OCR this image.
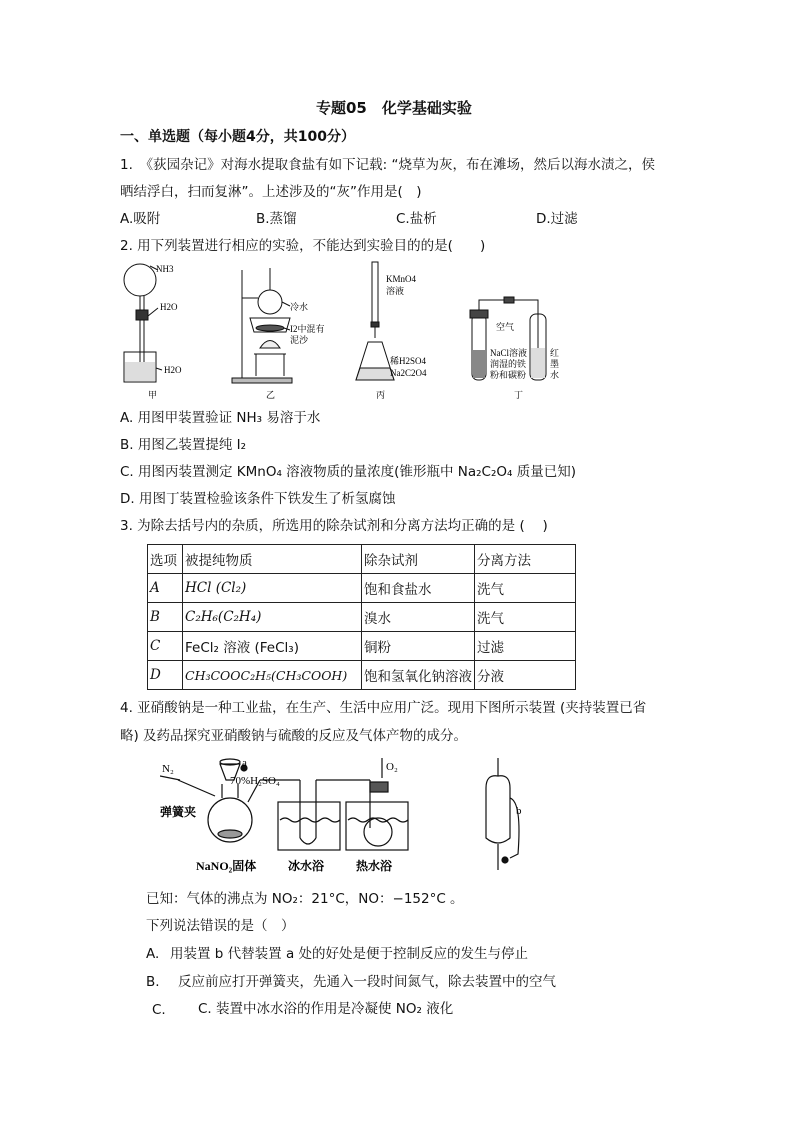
专题05　化学基础实验
一、单选题（每小题4分，共100分）
1.　《荻园杂记》对海水提取食盐有如下记载: “烧草为灰，布在滩场，然后以海水渍之，侯
晒结浮白，扫而复淋”。上述涉及的“灰”作用是(　)
A.吸附	B.蒸馏	C.盐析	D.过滤
2. 用下列装置进行相应的实验，不能达到实验目的的是(　　)
NH3
H2O
H2O
甲
冷水
I2中混有
泥沙
乙
KMnO4
溶液
稀H2SO4
Na2C2O4
丙
空气
NaCl溶液
润湿的铁
粉和碳粉
红
墨
水
丁
A. 用图甲装置验证 NH₃ 易溶于水
B. 用图乙装置提纯 I₂
C. 用图丙装置测定 KMnO₄ 溶液物质的量浓度(锥形瓶中 Na₂C₂O₄ 质量已知)
D. 用图丁装置检验该条件下铁发生了析氢腐蚀
3. 为除去括号内的杂质，所选用的除杂试剂和分离方法均正确的是 (　 )
选项	被提纯物质	除杂试剂	分离方法
A	HCl (Cl₂)	饱和食盐水	洗气
B	C₂H₆(C₂H₄)	溴水	洗气
C	FeCl₂ 溶液 (FeCl₃)	铜粉	过滤
D	CH₃COOC₂H₅(CH₃COOH)	饱和氢氧化钠溶液	分液
4. 亚硝酸钠是一种工业盐，在生产、生活中应用广泛。现用下图所示装置 (夹持装置已省
略) 及药品探究亚硝酸钠与硫酸的反应及气体产物的成分。
N₂	a
70%H₂SO₄
弹簧夹
NaNO₂固体	冰水浴
O₂
热水浴
b
已知：气体的沸点为 NO₂：21°C，NO：−152°C 。
下列说法错误的是（　）
A. 用装置 b 代替装置 a 处的好处是便于控制反应的发生与停止
B. 反应前应打开弹簧夹，先通入一段时间氮气，除去装置中的空气
C. C. 装置中冰水浴的作用是冷凝使 NO₂ 液化
